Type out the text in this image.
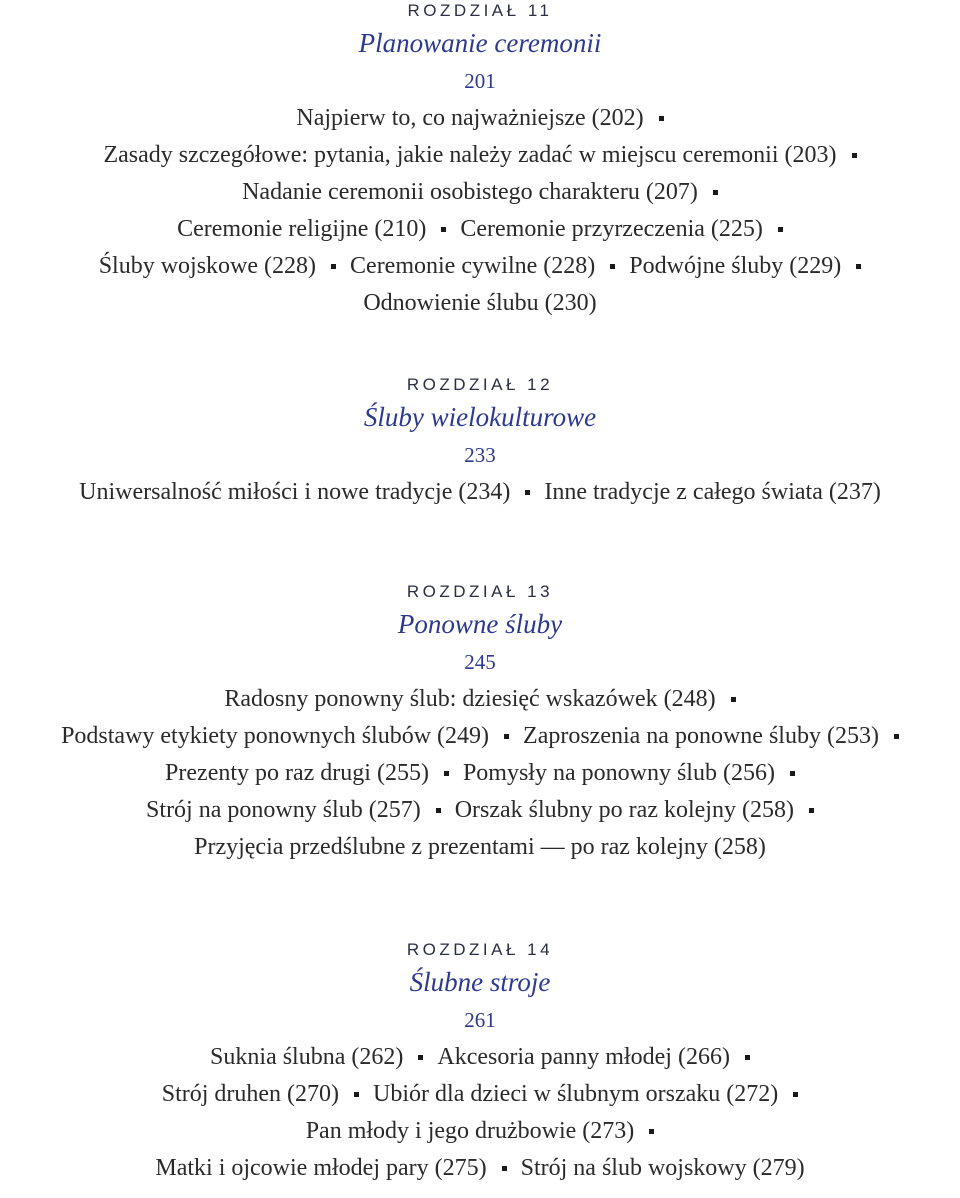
ROZDZIAŁ 11
Planowanie ceremonii
201
Najpierw to, co najważniejsze (202)
Zasady szczegółowe: pytania, jakie należy zadać w miejscu ceremonii (203)
Nadanie ceremonii osobistego charakteru (207)
Ceremonie religijne (210) Ceremonie przyrzeczenia (225)
Śluby wojskowe (228) Ceremonie cywilne (228) Podwójne śluby (229)
Odnowienie ślubu (230)
ROZDZIAŁ 12
Śluby wielokulturowe
233
Uniwersalność miłości i nowe tradycje (234) Inne tradycje z całego świata (237)
ROZDZIAŁ 13
Ponowne śluby
245
Radosny ponowny ślub: dziesięć wskazówek (248)
Podstawy etykiety ponownych ślubów (249) Zaproszenia na ponowne śluby (253)
Prezenty po raz drugi (255) Pomysły na ponowny ślub (256)
Strój na ponowny ślub (257) Orszak ślubny po raz kolejny (258)
Przyjęcia przedślubne z prezentami — po raz kolejny (258)
ROZDZIAŁ 14
Ślubne stroje
261
Suknia ślubna (262) Akcesoria panny młodej (266)
Strój druhen (270) Ubiór dla dzieci w ślubnym orszaku (272)
Pan młody i jego drużbowie (273)
Matki i ojcowie młodej pary (275) Strój na ślub wojskowy (279)
